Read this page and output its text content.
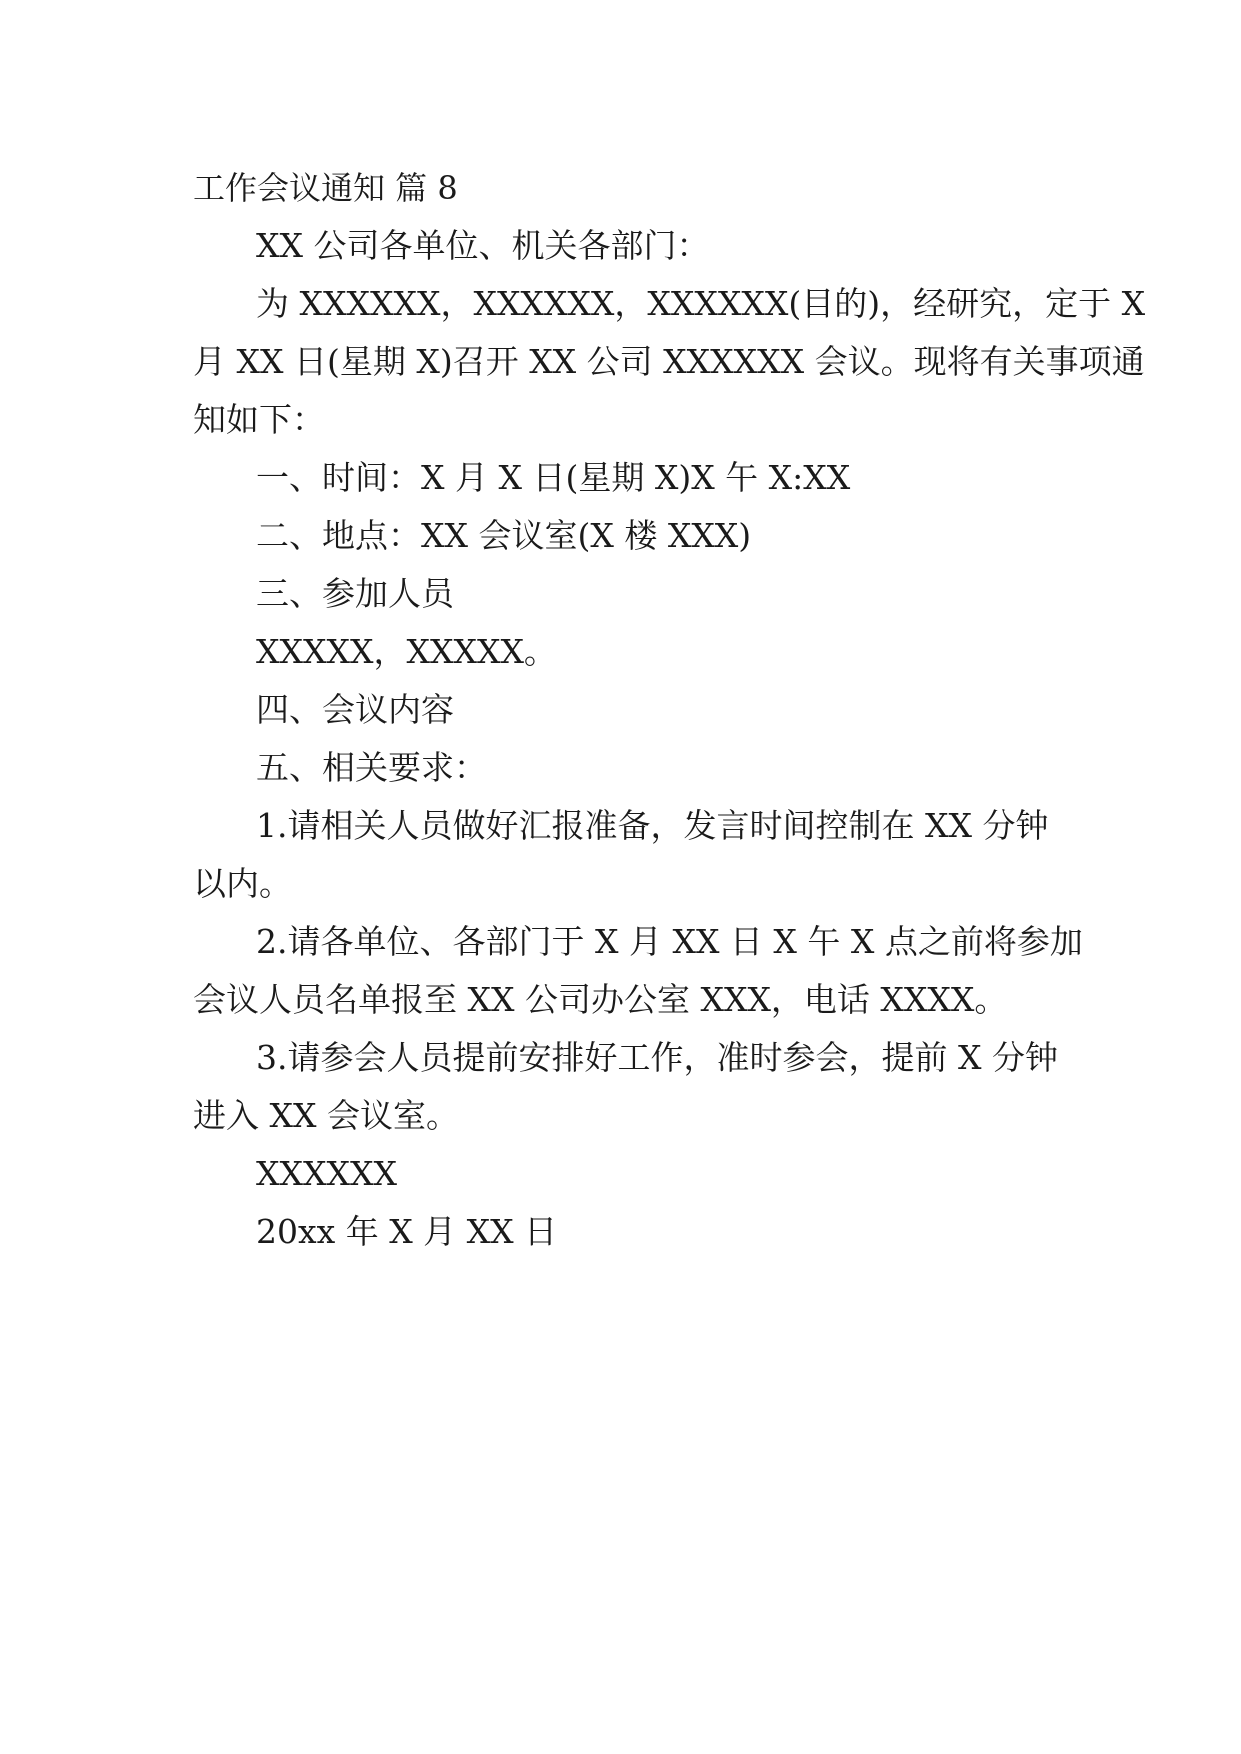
工作会议通知 篇 8
XX 公司各单位、机关各部门：
为 XXXXXX，XXXXXX，XXXXXX(目的)，经研究，定于 X
月 XX 日(星期 X)召开 XX 公司 XXXXXX 会议。现将有关事项通
知如下：
一、时间：X 月 X 日(星期 X)X 午 X:XX
二、地点：XX 会议室(X 楼 XXX)
三、参加人员
XXXXX，XXXXX。
四、会议内容
五、相关要求：
1.请相关人员做好汇报准备，发言时间控制在 XX 分钟
以内。
2.请各单位、各部门于 X 月 XX 日 X 午 X 点之前将参加
会议人员名单报至 XX 公司办公室 XXX，电话 XXXX。
3.请参会人员提前安排好工作，准时参会，提前 X 分钟
进入 XX 会议室。
XXXXXX
20xx 年 X 月 XX 日
